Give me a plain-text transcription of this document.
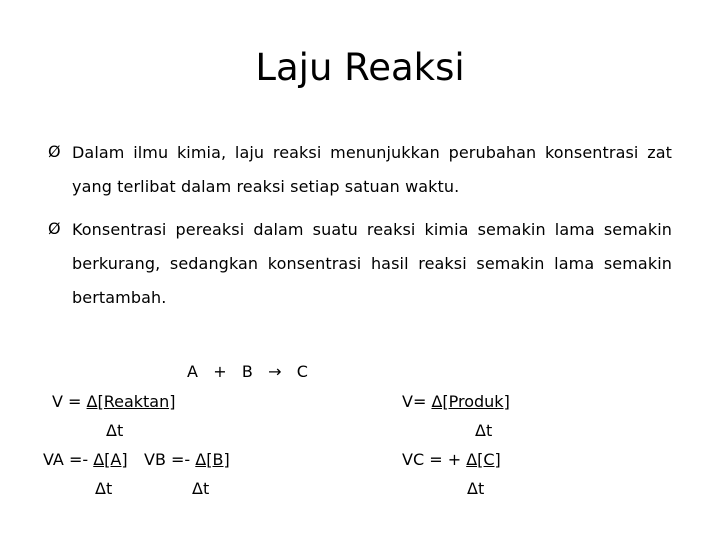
Laju Reaksi
Ø Dalam ilmu kimia, laju reaksi menunjukkan perubahan konsentrasi zat yang terlibat dalam reaksi setiap satuan waktu.
Ø Konsentrasi pereaksi dalam suatu reaksi kimia semakin lama semakin berkurang, sedangkan konsentrasi hasil reaksi semakin lama semakin bertambah.
A   +   B   →   C
V = Δ[Reaktan]
Δt
V= Δ[Produk]
Δt
VA =- Δ[A] VB =- Δ[B]
Δt	Δt
VC = + Δ[C]
Δt
